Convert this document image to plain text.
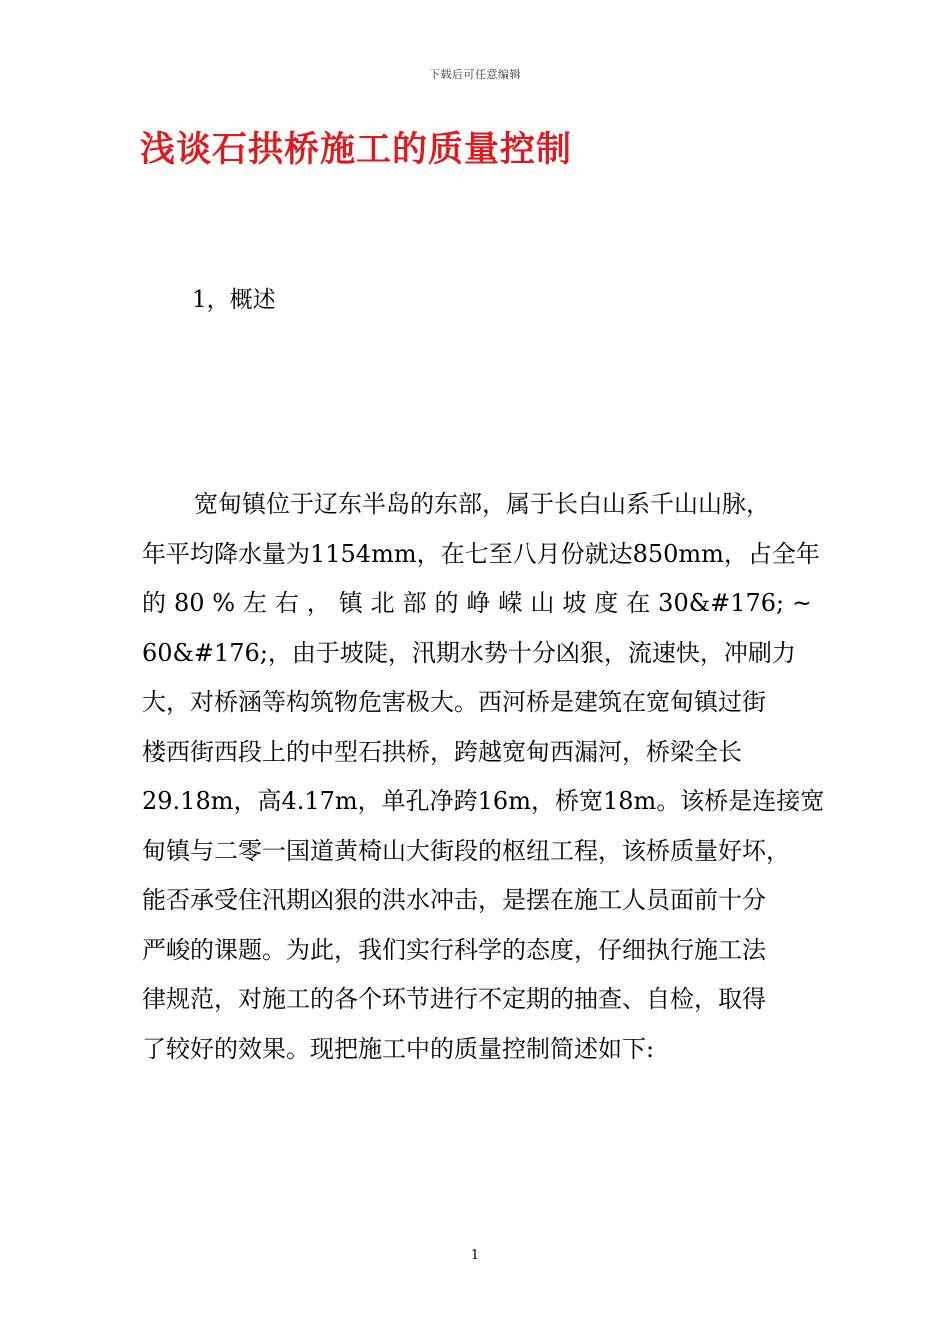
下载后可任意编辑
浅谈石拱桥施工的质量控制
1，概述
宽甸镇位于辽东半岛的东部，属于长白山系千山山脉，
年平均降水量为1154mm，在七至八月份就达850mm，占全年
的 80 % 左 右 ， 镇 北 部 的 峥 嵘 山 坡 度 在 30&#176; ~
60&#176;，由于坡陡，汛期水势十分凶狠，流速快，冲刷力
大，对桥涵等构筑物危害极大。西河桥是建筑在宽甸镇过街
楼西街西段上的中型石拱桥，跨越宽甸西漏河，桥梁全长
29.18m，高4.17m，单孔净跨16m，桥宽18m。该桥是连接宽
甸镇与二零一国道黄椅山大街段的枢纽工程，该桥质量好坏，
能否承受住汛期凶狠的洪水冲击，是摆在施工人员面前十分
严峻的课题。为此，我们实行科学的态度，仔细执行施工法
律规范，对施工的各个环节进行不定期的抽查、自检，取得
了较好的效果。现把施工中的质量控制简述如下:
1
